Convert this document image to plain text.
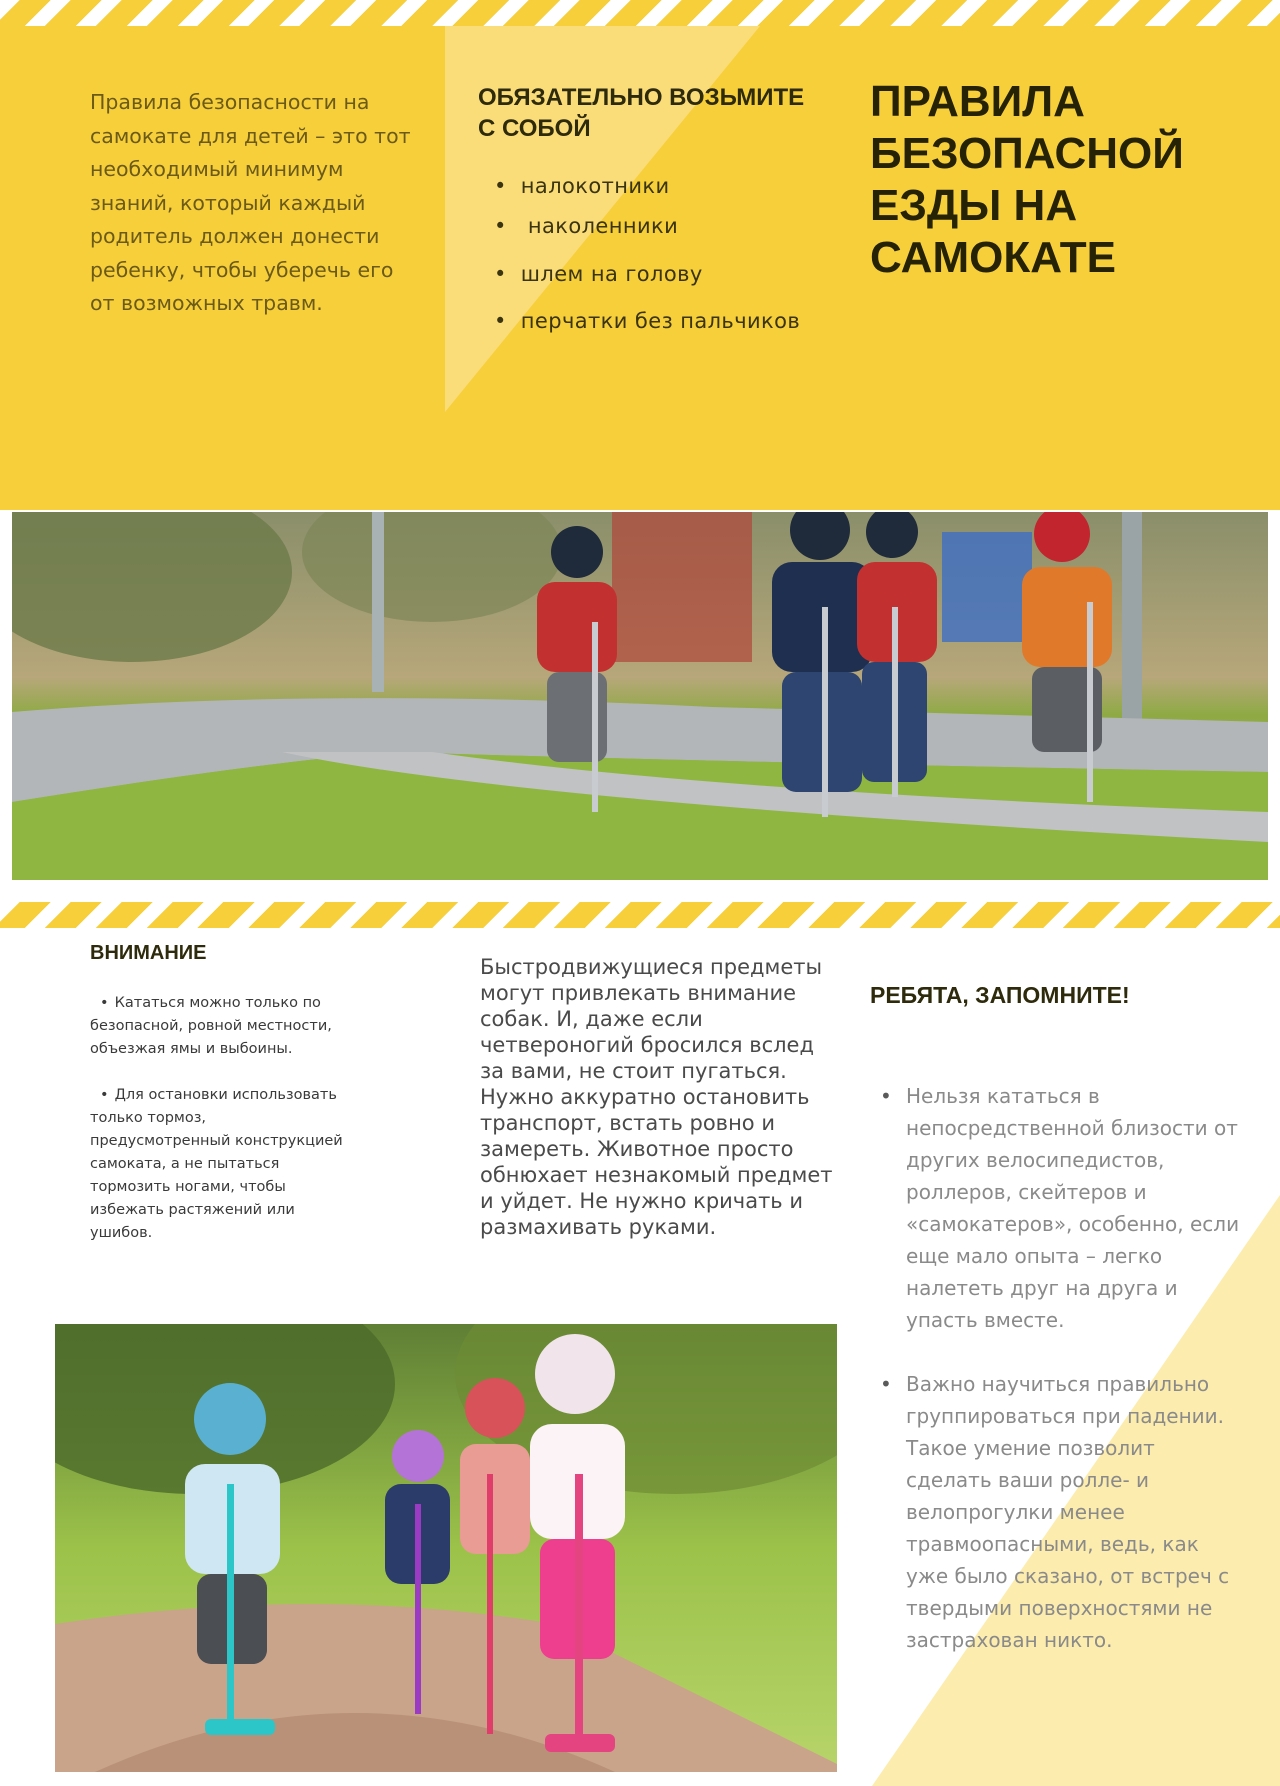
Правила безопасности на самокате для детей – это тот необходимый минимум знаний, который каждый родитель должен донести ребенку, чтобы уберечь его от возможных травм.
ОБЯЗАТЕЛЬНО ВОЗЬМИТЕ С СОБОЙ
• налокотники
• наколенники
• шлем на голову
• перчатки без пальчиков
ПРАВИЛА БЕЗОПАСНОЙ ЕЗДЫ НА САМОКАТЕ
ВНИМАНИЕ

• Кататься можно только по безопасной, ровной местности, объезжая ямы и выбоины.

• Для остановки использовать только тормоз, предусмотренный конструкцией самоката, а не пытаться тормозить ногами, чтобы избежать растяжений или ушибов.

Быстродвижущиеся предметы могут привлекать внимание собак. И, даже если четвероногий бросился вслед за вами, не стоит пугаться. Нужно аккуратно остановить транспорт, встать ровно и замереть. Животное просто обнюхает незнакомый предмет и уйдет. Не нужно кричать и размахивать руками.
РЕБЯТА, ЗАПОМНИТЕ!
• Нельзя кататься в непосредственной близости от других велосипедистов, роллеров, скейтеров и «самокатеров», особенно, если еще мало опыта – легко налететь друг на друга и упасть вместе.
• Важно научиться правильно группироваться при падении. Такое умение позволит сделать ваши ролле- и велопрогулки менее травмоопасными, ведь, как уже было сказано, от встреч с твердыми поверхностями не застрахован никто.
